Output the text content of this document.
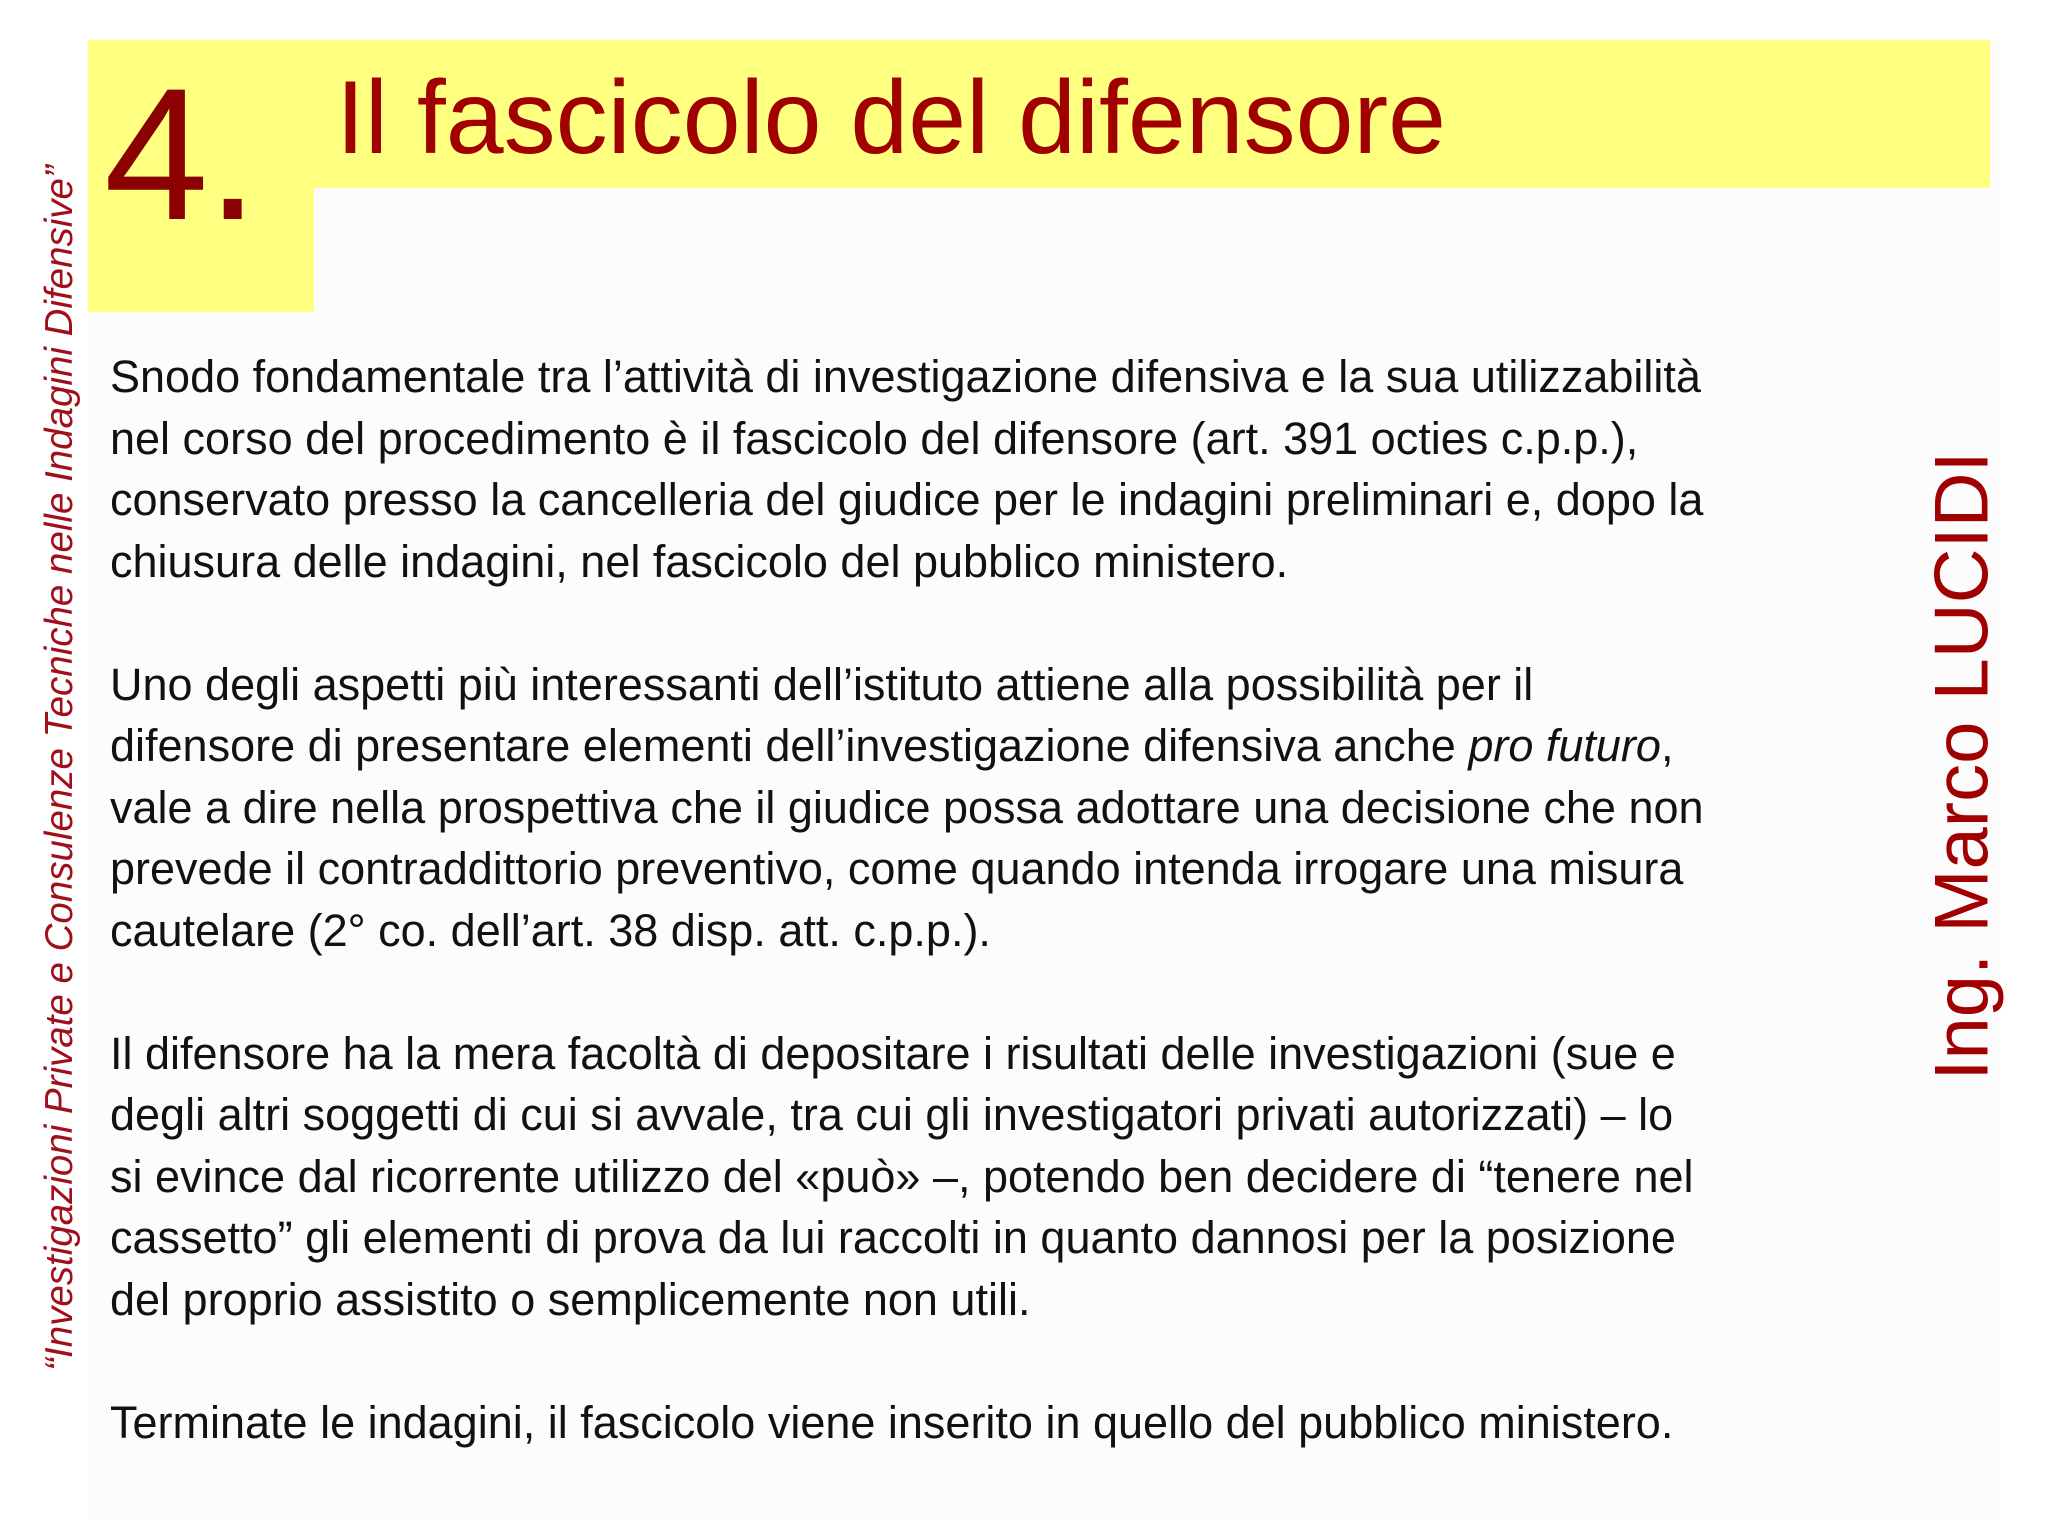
4. Il fascicolo del difensore
“Investigazioni Private e Consulenze Tecniche nelle Indagini Difensive”	Ing. Marco LUCIDI

Snodo fondamentale tra l’attività di investigazione difensiva e la sua utilizzabilità
nel corso del procedimento è il fascicolo del difensore (art. 391 octies c.p.p.),
conservato presso la cancelleria del giudice per le indagini preliminari e, dopo la
chiusura delle indagini, nel fascicolo del pubblico ministero.

Uno degli aspetti più interessanti dell’istituto attiene alla possibilità per il
difensore di presentare elementi dell’investigazione difensiva anche pro futuro,
vale a dire nella prospettiva che il giudice possa adottare una decisione che non
prevede il contraddittorio preventivo, come quando intenda irrogare una misura
cautelare (2° co. dell’art. 38 disp. att. c.p.p.).

Il difensore ha la mera facoltà di depositare i risultati delle investigazioni (sue e
degli altri soggetti di cui si avvale, tra cui gli investigatori privati autorizzati) – lo
si evince dal ricorrente utilizzo del «può» –, potendo ben decidere di “tenere nel
cassetto” gli elementi di prova da lui raccolti in quanto dannosi per la posizione
del proprio assistito o semplicemente non utili.

Terminate le indagini, il fascicolo viene inserito in quello del pubblico ministero.
